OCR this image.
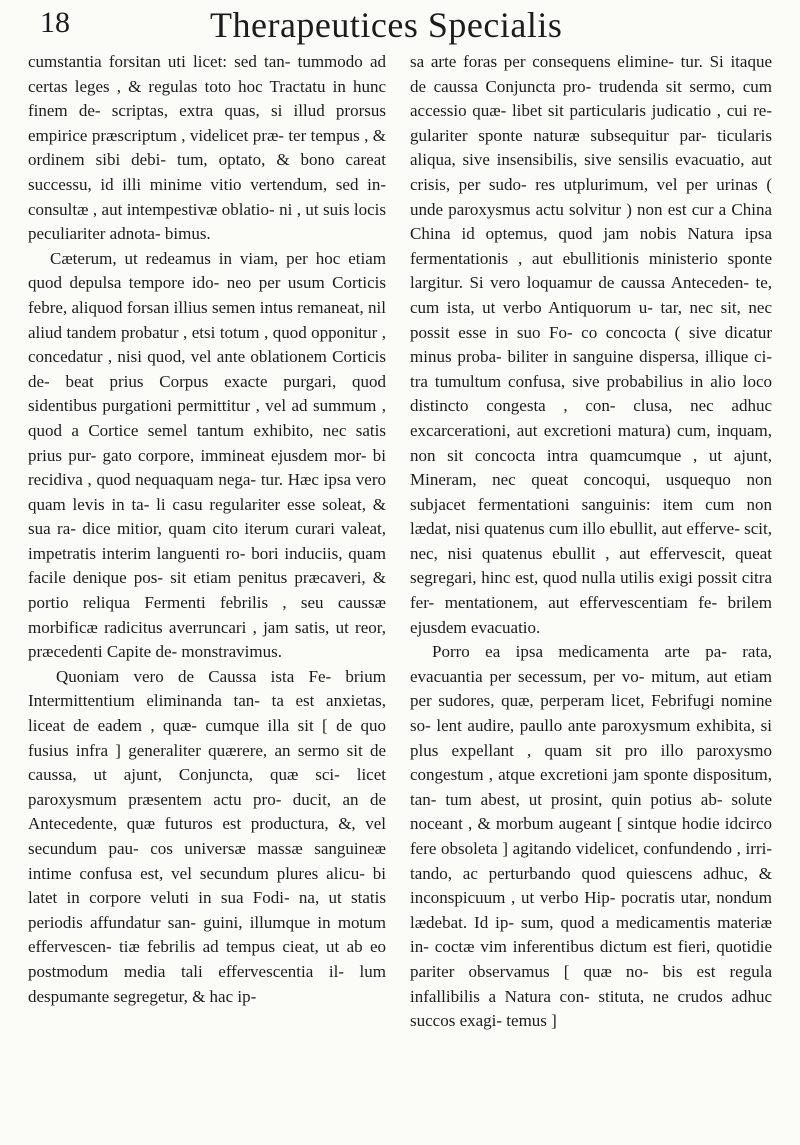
18	Therapeutices Specialis

cumstantia forsitan uti licet: sed tan- tummodo ad certas leges , & regulas toto hoc Tractatu in hunc finem de- scriptas, extra quas, si illud prorsus empirice præscriptum , videlicet præ- ter tempus , & ordinem sibi debi- tum, optato, & bono careat successu, id illi minime vitio vertendum, sed in- consultæ , aut intempestivæ oblatio- ni , ut suis locis peculiariter adnota- bimus.

Cæterum, ut redeamus in viam, per hoc etiam quod depulsa tempore ido- neo per usum Corticis febre, aliquod forsan illius semen intus remaneat, nil aliud tandem probatur , etsi totum , quod opponitur , concedatur , nisi quod, vel ante oblationem Corticis de- beat prius Corpus exacte purgari, quod sidentibus purgationi permittitur , vel ad summum , quod a Cortice semel tantum exhibito, nec satis prius pur- gato corpore, immineat ejusdem mor- bi recidiva , quod nequaquam nega- tur. Hæc ipsa vero quam levis in ta- li casu regulariter esse soleat, & sua ra- dice mitior, quam cito iterum curari valeat, impetratis interim languenti ro- bori induciis, quam facile denique pos- sit etiam penitus præcaveri, & portio reliqua Fermenti febrilis , seu caussæ morbificæ radicitus averruncari , jam satis, ut reor, præcedenti Capite de- monstravimus.

Quoniam vero de Caussa ista Fe- brium Intermittentium eliminanda tan- ta est anxietas, liceat de eadem , quæ- cumque illa sit [ de quo fusius infra ] generaliter quærere, an sermo sit de caussa, ut ajunt, Conjuncta, quæ sci- licet paroxysmum præsentem actu pro- ducit, an de Antecedente, quæ futuros est productura, &, vel secundum pau- cos universæ massæ sanguineæ intime confusa est, vel secundum plures alicu- bi latet in corpore veluti in sua Fodi- na, ut statis periodis affundatur san- guini, illumque in motum effervescen- tiæ febrilis ad tempus cieat, ut ab eo postmodum media tali effervescentia il- lum despumante segregetur, & hac ip-

sa arte foras per consequens elimine- tur. Si itaque de caussa Conjuncta pro- trudenda sit sermo, cum accessio quæ- libet sit particularis judicatio , cui re- gulariter sponte naturæ subsequitur par- ticularis aliqua, sive insensibilis, sive sensilis evacuatio, aut crisis, per sudo- res utplurimum, vel per urinas ( unde paroxysmus actu solvitur ) non est cur a China China id optemus, quod jam nobis Natura ipsa fermentationis , aut ebullitionis ministerio sponte largitur. Si vero loquamur de caussa Anteceden- te, cum ista, ut verbo Antiquorum u- tar, nec sit, nec possit esse in suo Fo- co concocta ( sive dicatur minus proba- biliter in sanguine dispersa, illique ci- tra tumultum confusa, sive probabilius in alio loco distincto congesta , con- clusa, nec adhuc excarcerationi, aut excretioni matura) cum, inquam, non sit concocta intra quamcumque , ut ajunt, Mineram, nec queat concoqui, usquequo non subjacet fermentationi sanguinis: item cum non lædat, nisi quatenus cum illo ebullit, aut efferve- scit, nec, nisi quatenus ebullit , aut effervescit, queat segregari, hinc est, quod nulla utilis exigi possit citra fer- mentationem, aut effervescentiam fe- brilem ejusdem evacuatio.

Porro ea ipsa medicamenta arte pa- rata, evacuantia per secessum, per vo- mitum, aut etiam per sudores, quæ, perperam licet, Febrifugi nomine so- lent audire, paullo ante paroxysmum exhibita, si plus expellant , quam sit pro illo paroxysmo congestum , atque excretioni jam sponte dispositum, tan- tum abest, ut prosint, quin potius ab- solute noceant , & morbum augeant [ sintque hodie idcirco fere obsoleta ] agitando videlicet, confundendo , irri- tando, ac perturbando quod quiescens adhuc, & inconspicuum , ut verbo Hip- pocratis utar, nondum lædebat. Id ip- sum, quod a medicamentis materiæ in- coctæ vim inferentibus dictum est fieri, quotidie pariter observamus [ quæ no- bis est regula infallibilis a Natura con- stituta, ne crudos adhuc succos exagi- temus ]
